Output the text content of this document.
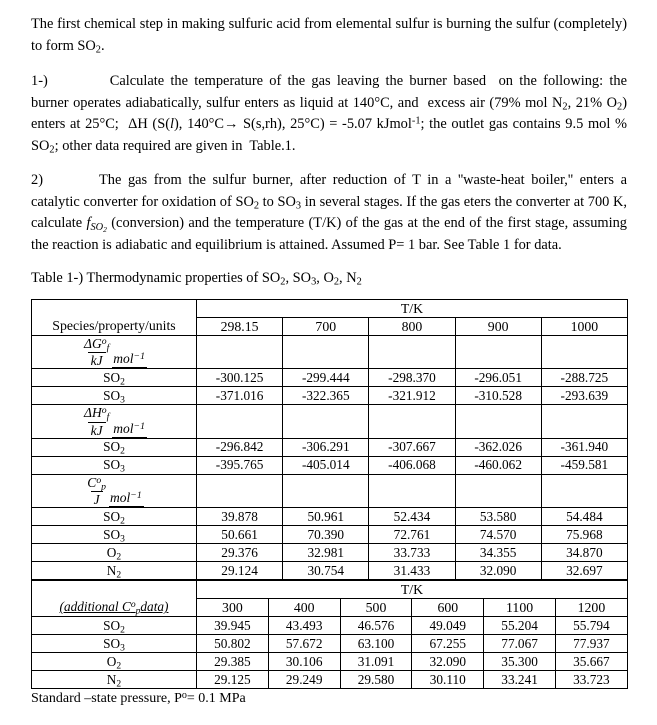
The first chemical step in making sulfuric acid from elemental sulfur is burning the sulfur (completely) to form $SO_2$.

1-)	Calculate the temperature of the gas leaving the burner based  on the following: the burner operates adiabatically, sulfur enters as liquid at 140°C, and  excess air (79% mol $N_2$, 21% $O_2$) enters at 25°C;  ΔH (S(l), 140°C→ S(s,rh), 25°C) = -5.07 kJmol$^{-1}$; the outlet gas contains 9.5 mol % $SO_2$; other data required are given in  Table.1.

2)	The gas from the sulfur burner, after reduction of T in a ''waste-heat boiler,'' enters a catalytic converter for oxidation of $SO_2$ to $SO_3$ in several stages. If the gas eters the converter at 700 K, calculate $f_{SO_2}$ (conversion) and the temperature (T/K) of the gas at the end of the first stage, assuming the reaction is adiabatic and equilibrium is attained. Assumed P= 1 bar. See Table 1 for data.

Table 1-) Thermodynamic properties of $SO_2$, $SO_3$, $O_2$, $N_2$

	T/K				
Species/property/units	298.15	700	800	900	1000

$\frac{\Delta G^o_f}{kJ} mol^{-1}$

$SO_2$	-300.125	-299.444	-298.370	-296.051	-288.725
$SO_3$	-371.016	-322.365	-321.912	-310.528	-293.639

$\frac{\Delta H^o_f}{kJ} mol^{-1}$

$SO_2$	-296.842	-306.291	-307.667	-362.026	-361.940
$SO_3$	-395.765	-405.014	-406.068	-460.062	-459.581

$\frac{C^o_p}{J} mol^{-1}$

$SO_2$	39.878	50.961	52.434	53.580	54.484
$SO_3$	50.661	70.390	72.761	74.570	75.968
$O_2$	29.376	32.981	33.733	34.355	34.870
$N_2$	29.124	30.754	31.433	32.090	32.697
	T/K					
(additional $C^o_pdata$)	300	400	500	600	1100	1200
$SO_2$	39.945	43.493	46.576	49.049	55.204	55.794
$SO_3$	50.802	57.672	63.100	67.255	77.067	77.937
$O_2$	29.385	30.106	31.091	32.090	35.300	35.667
$N_2$	29.125	29.249	29.580	30.110	33.241	33.723

Standard –state pressure, $P^o= 0.1$ MPa
